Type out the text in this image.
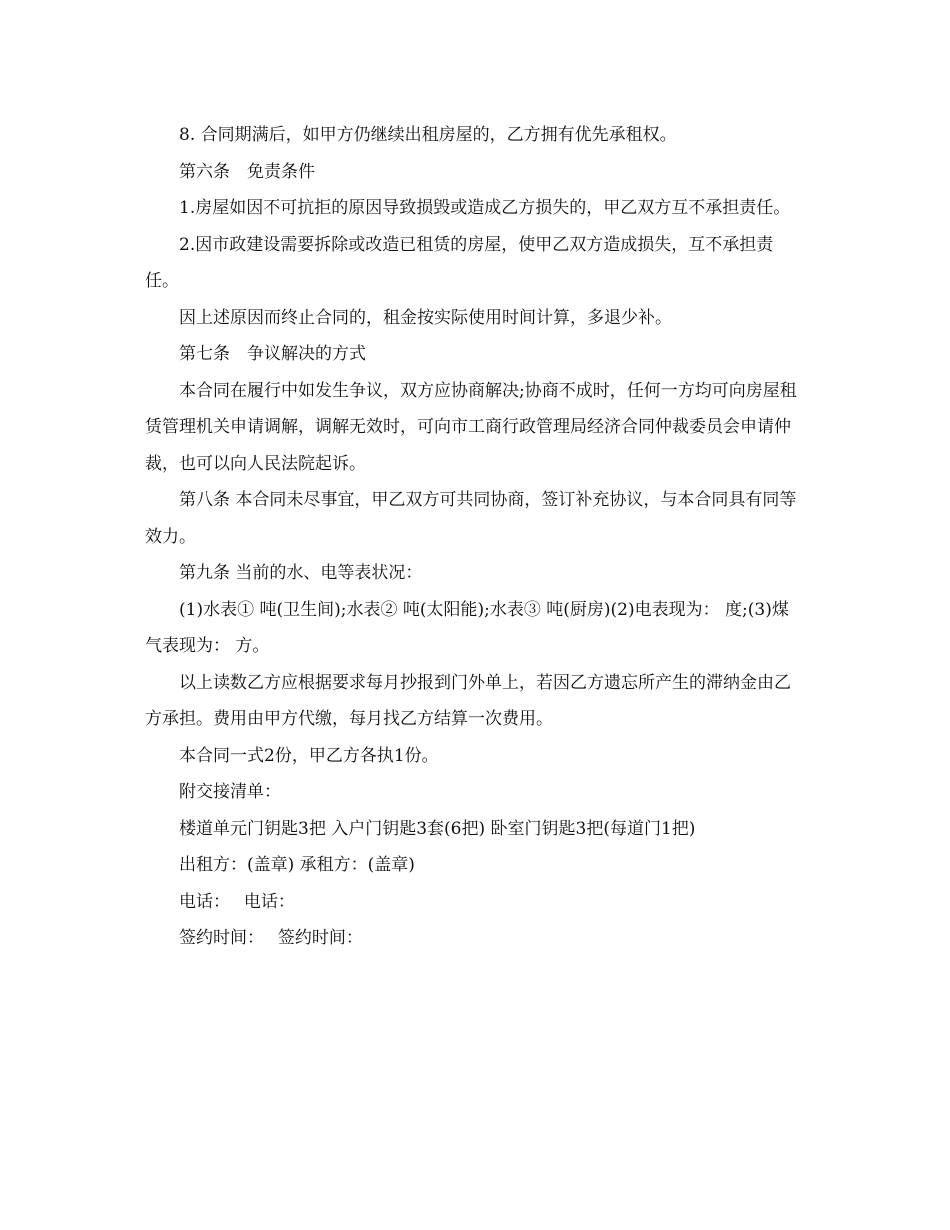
8. 合同期满后，如甲方仍继续出租房屋的，乙方拥有优先承租权。

第六条　免责条件

1.房屋如因不可抗拒的原因导致损毁或造成乙方损失的，甲乙双方互不承担责任。

2.因市政建设需要拆除或改造已租赁的房屋，使甲乙双方造成损失，互不承担责任。

因上述原因而终止合同的，租金按实际使用时间计算，多退少补。

第七条　争议解决的方式

本合同在履行中如发生争议，双方应协商解决;协商不成时，任何一方均可向房屋租赁管理机关申请调解，调解无效时，可向市工商行政管理局经济合同仲裁委员会申请仲裁，也可以向人民法院起诉。

第八条 本合同未尽事宜，甲乙双方可共同协商，签订补充协议，与本合同具有同等效力。

第九条 当前的水、电等表状况：

(1)水表① 吨(卫生间);水表② 吨(太阳能);水表③ 吨(厨房)(2)电表现为： 度;(3)煤气表现为： 方。

以上读数乙方应根据要求每月抄报到门外单上，若因乙方遗忘所产生的滞纳金由乙方承担。费用由甲方代缴，每月找乙方结算一次费用。

本合同一式2份，甲乙方各执1份。

附交接清单：

楼道单元门钥匙3把 入户门钥匙3套(6把) 卧室门钥匙3把(每道门1把)

出租方：(盖章) 承租方：(盖章)

电话：　 电话：

签约时间：　 签约时间：
